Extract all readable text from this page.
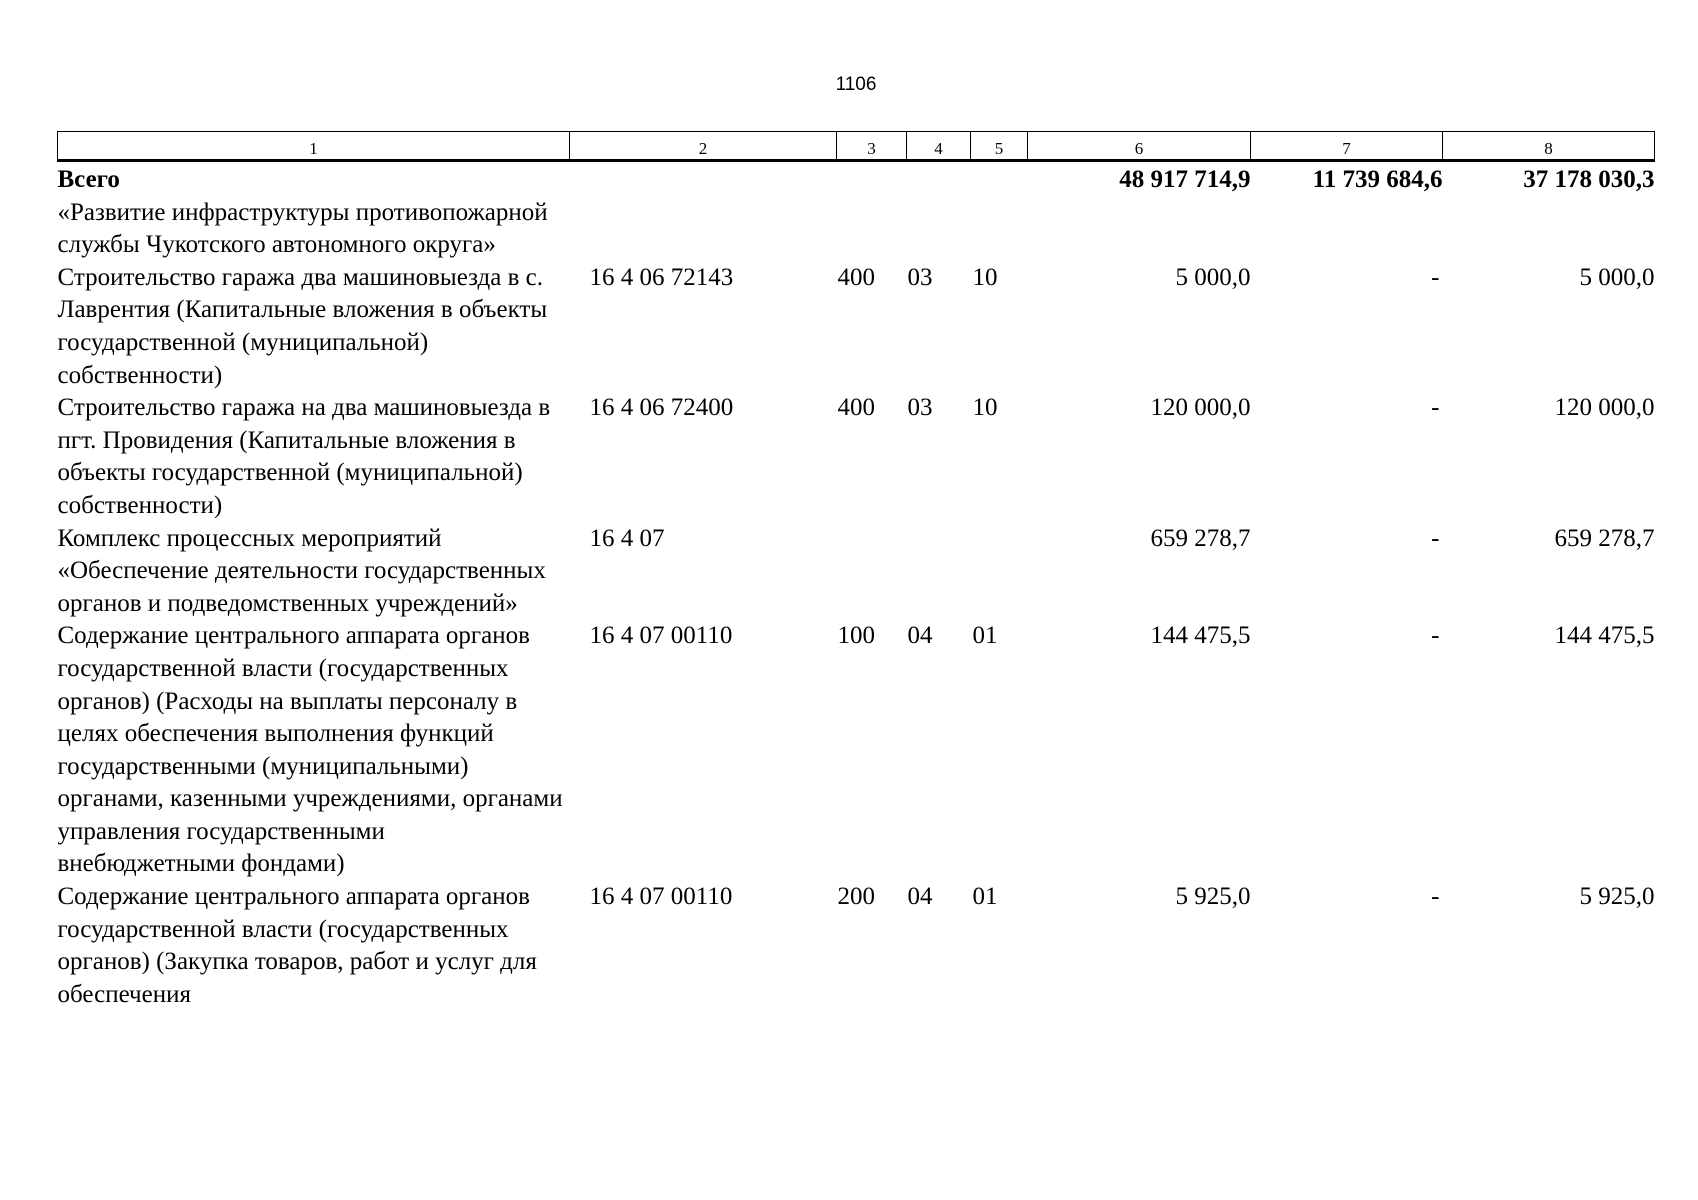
1106
1	2	3	4	5	6	7	8
Всего					48 917 714,9	11 739 684,6	37 178 030,3
«Развитие инфраструктуры противопожарной службы Чукотского автономного округа»							
Строительство гаража два машиновыезда в с. Лаврентия (Капитальные вложения в объекты государственной (муниципальной) собственности)	16 4 06 72143	400	03	10	5 000,0	-	5 000,0
Строительство гаража на два машиновыезда в пгт. Провидения (Капитальные вложения в объекты государственной (муниципальной) собственности)	16 4 06 72400	400	03	10	120 000,0	-	120 000,0
Комплекс процессных мероприятий «Обеспечение деятельности государственных органов и подведомственных учреждений»	16 4 07				659 278,7	-	659 278,7
Содержание центрального аппарата органов государственной власти (государственных органов) (Расходы на выплаты персоналу в целях обеспечения выполнения функций государственными (муниципальными) органами, казенными учреждениями, органами управления государственными внебюджетными фондами)	16 4 07 00110	100	04	01	144 475,5	-	144 475,5
Содержание центрального аппарата органов государственной власти (государственных органов) (Закупка товаров, работ и услуг для обеспечения	16 4 07 00110	200	04	01	5 925,0	-	5 925,0
